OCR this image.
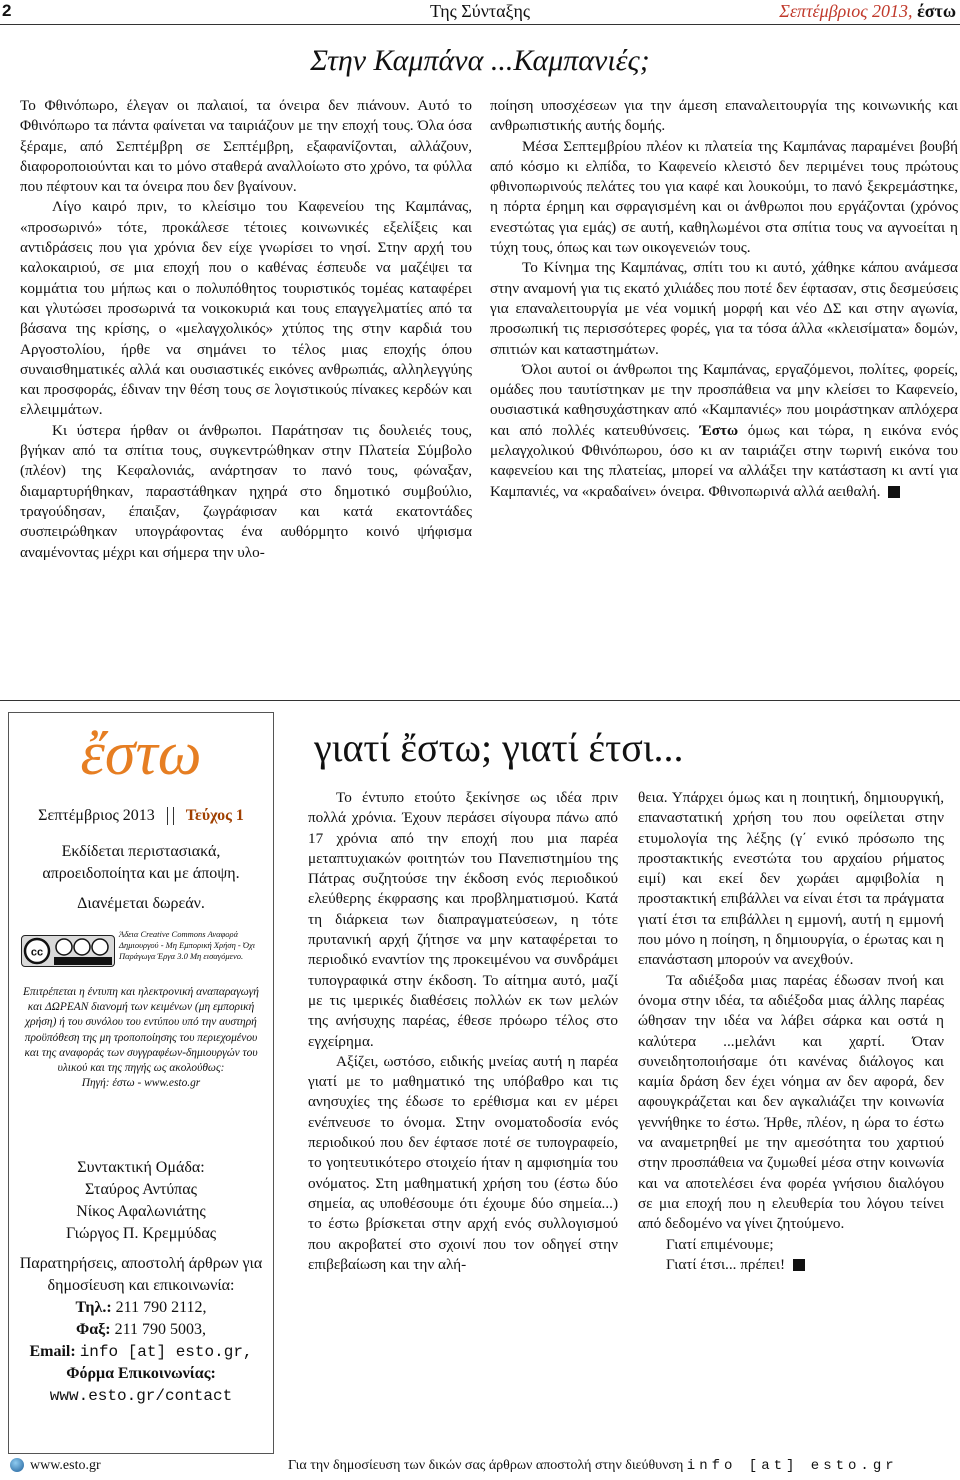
2	Της Σύνταξης	Σεπτέμβριος 2013, έστω
Στην Καμπάνα ...Καμπανιές;

Το Φθινόπωρο, έλεγαν οι παλαιοί, τα όνειρα δεν πιάνουν. Αυτό το Φθινόπωρο τα πάντα φαίνεται να ταιριάζουν με την εποχή τους. Όλα όσα ξέραμε, από Σεπτέμβρη σε Σεπτέμβρη, εξαφανίζονται, αλλάζουν, διαφοροποιούνται και το μόνο σταθερά αναλλοίωτο στο χρόνο, τα φύλλα που πέφτουν και τα όνειρα που δεν βγαίνουν.

Λίγο καιρό πριν, το κλείσιμο του Καφενείου της Καμπάνας, «προσωρινό» τότε, προκάλεσε τέτοιες κοινωνικές εξελίξεις και αντιδράσεις που για χρόνια δεν είχε γνωρίσει το νησί. Στην αρχή του καλοκαιριού, σε μια εποχή που ο καθένας έσπευδε να μαζέψει τα κομμάτια του μήπως και ο πολυπόθητος τουριστικός τομέας καταφέρει και γλυτώσει προσωρινά τα νοικοκυριά και τους επαγγελματίες από τα βάσανα της κρίσης, ο «μελαγχολικός» χτύπος της στην καρδιά του Αργοστολίου, ήρθε να σημάνει το τέλος μιας εποχής όπου συναισθηματικές αλλά και ουσιαστικές εικόνες ανθρωπιάς, αλληλεγγύης και προσφοράς, έδιναν την θέση τους σε λογιστικούς πίνακες κερδών και ελλειμμάτων.

Κι ύστερα ήρθαν οι άνθρωποι. Παράτησαν τις δουλειές τους, βγήκαν από τα σπίτια τους, συγκεντρώθηκαν στην Πλατεία Σύμβολο (πλέον) της Κεφαλονιάς, ανάρτησαν το πανό τους, φώναξαν, διαμαρτυρήθηκαν, παραστάθηκαν ηχηρά στο δημοτικό συμβούλιο, τραγούδησαν, έπαιξαν, ζωγράφισαν και κατά εκατοντάδες συσπειρώθηκαν υπογράφοντας ένα αυθόρμητο κοινό ψήφισμα αναμένοντας μέχρι και σήμερα την υλο-

ποίηση υποσχέσεων για την άμεση επαναλειτουργία της κοινωνικής και ανθρωπιστικής αυτής δομής.

Μέσα Σεπτεμβρίου πλέον κι πλατεία της Καμπάνας παραμένει βουβή από κόσμο κι ελπίδα, το Καφενείο κλειστό δεν περιμένει τους πρώτους φθινοπωρινούς πελάτες του για καφέ και λουκούμι, το πανό ξεκρεμάστηκε, η πόρτα έρημη και σφραγισμένη και οι άνθρωποι που εργάζονται (χρόνος ενεστώτας για εμάς) σε αυτή, καθηλωμένοι στα σπίτια τους να αγνοείται η τύχη τους, όπως και των οικογενειών τους.

Το Κίνημα της Καμπάνας, σπίτι του κι αυτό, χάθηκε κάπου ανάμεσα στην αναμονή για τις εκατό χιλιάδες που ποτέ δεν έφτασαν, στις δεσμεύσεις για επαναλειτουργία με νέα νομική μορφή και νέο ΔΣ και στην αγωνία, προσωπική τις περισσότερες φορές, για τα τόσα άλλα «κλεισίματα» δομών, σπιτιών και καταστημάτων.

Όλοι αυτοί οι άνθρωποι της Καμπάνας, εργαζόμενοι, πολίτες, φορείς, ομάδες που ταυτίστηκαν με την προσπάθεια να μην κλείσει το Καφενείο, ουσιαστικά καθησυχάστηκαν από «Καμπανιές» που μοιράστηκαν απλόχερα και από πολλές κατευθύνσεις. Έστω όμως και τώρα, η εικόνα ενός μελαγχολικού Φθινόπωρου, όσο κι αν ταιριάζει στην τωρινή εικόνα του καφενείου και της πλατείας, μπορεί να αλλάξει την κατάσταση κι αντί για Καμπανιές, να «κραδαίνει» όνειρα. Φθινοπωρινά αλλά αειθαλή.

ἔστω
Σεπτέμβριος 2013 Τεύχος 1
Εκδίδεται περιστασιακά, απροειδοποίητα και με άποψη.
Διανέμεται δωρεάν.
cc
Άδεια Creative Commons Αναφορά Δημιουργού - Μη Εμπορική Χρήση - Όχι Παράγωγα Έργα 3.0 Μη εισαγόμενο.
Επιτρέπεται η έντυπη και ηλεκτρονική αναπαραγωγή και ΔΩΡΕΑΝ διανομή των κειμένων (μη εμπορική χρήση) ή του συνόλου του εντύπου υπό την αυστηρή προϋπόθεση της μη τροποποίησης του περιεχομένου και της αναφοράς των συγγραφέων-δημιουργών του υλικού και της πηγής ως ακολούθως:
Πηγή: έστω - www.esto.gr
Συντακτική Ομάδα:
Σταύρος Αντύπας
Νίκος Αφαλωνιάτης
Γιώργος Π. Κρεμμύδας
Παρατηρήσεις, αποστολή άρθρων για δημοσίευση και επικοινωνία:
Τηλ.: 211 790 2112,
Φαξ: 211 790 5003,
Email: info [at] esto.gr,
Φόρμα Επικοινωνίας:
www.esto.gr/contact
γιατί ἔστω; γιατί έτσι...

Το έντυπο ετούτο ξεκίνησε ως ιδέα πριν πολλά χρόνια. Έχουν περάσει σίγουρα πάνω από 17 χρόνια από την εποχή που μια παρέα μεταπτυχιακών φοιτητών του Πανεπιστημίου της Πάτρας συζητούσε την έκδοση ενός περιοδικού ελεύθερης έκφρασης και προβληματισμού. Κατά τη διάρκεια των διαπραγματεύσεων, η τότε πρυτανική αρχή ζήτησε να μην καταφέρεται το περιοδικό εναντίον της προκειμένου να συνδράμει τυπογραφικά στην έκδοση. Το αίτημα αυτό, μαζί με τις ιμερικές διαθέσεις πολλών εκ των μελών της ανήσυχης παρέας, έθεσε πρόωρο τέλος στο εγχείρημα.

Αξίζει, ωστόσο, ειδικής μνείας αυτή η παρέα γιατί με το μαθηματικό της υπόβαθρο και τις ανησυχίες της έδωσε το ερέθισμα και εν μέρει ενέπνευσε το όνομα. Στην ονοματοδοσία ενός περιοδικού που δεν έφτασε ποτέ σε τυπογραφείο, το γοητευτικότερο στοιχείο ήταν η αμφισημία του ονόματος. Στη μαθηματική χρήση του (έστω δύο σημεία, ας υποθέσουμε ότι έχουμε δύο σημεία...) το έστω βρίσκεται στην αρχή ενός συλλογισμού που ακροβατεί στο σχοινί που τον οδηγεί στην επιβεβαίωση και την αλή-

θεια. Υπάρχει όμως και η ποιητική, δημιουργική, επαναστατική χρήση του που οφείλεται στην ετυμολογία της λέξης (γ΄ ενικό πρόσωπο της προστακτικής ενεστώτα του αρχαίου ρήματος ειμί) και εκεί δεν χωράει αμφιβολία η προστακτική επιβάλλει να είναι έτσι τα πράγματα γιατί έτσι τα επιβάλλει η εμμονή, αυτή η εμμονή που μόνο η ποίηση, η δημιουργία, ο έρωτας και η επανάσταση μπορούν να ανεχθούν.

Τα αδιέξοδα μιας παρέας έδωσαν πνοή και όνομα στην ιδέα, τα αδιέξοδα μιας άλλης παρέας ώθησαν την ιδέα να λάβει σάρκα και οστά η καλύτερα ...μελάνι και χαρτί. Όταν συνειδητοποιήσαμε ότι κανένας διάλογος και καμία δράση δεν έχει νόημα αν δεν αφορά, δεν αφουγκράζεται και δεν αγκαλιάζει την κοινωνία γεννήθηκε το έστω. Ήρθε, πλέον, η ώρα το έστω να αναμετρηθεί με την αμεσότητα του χαρτιού στην προσπάθεια να ζυμωθεί μέσα στην κοινωνία και να αποτελέσει ένα φορέα γνήσιου διαλόγου σε μια εποχή που η ελευθερία του λόγου τείνει από δεδομένο να γίνει ζητούμενο.

Γιατί επιμένουμε;

Γιατί έτσι... πρέπει!

www.esto.gr	Για την δημοσίευση των δικών σας άρθρων αποστολή στην διεύθυνση info [at] esto.gr
